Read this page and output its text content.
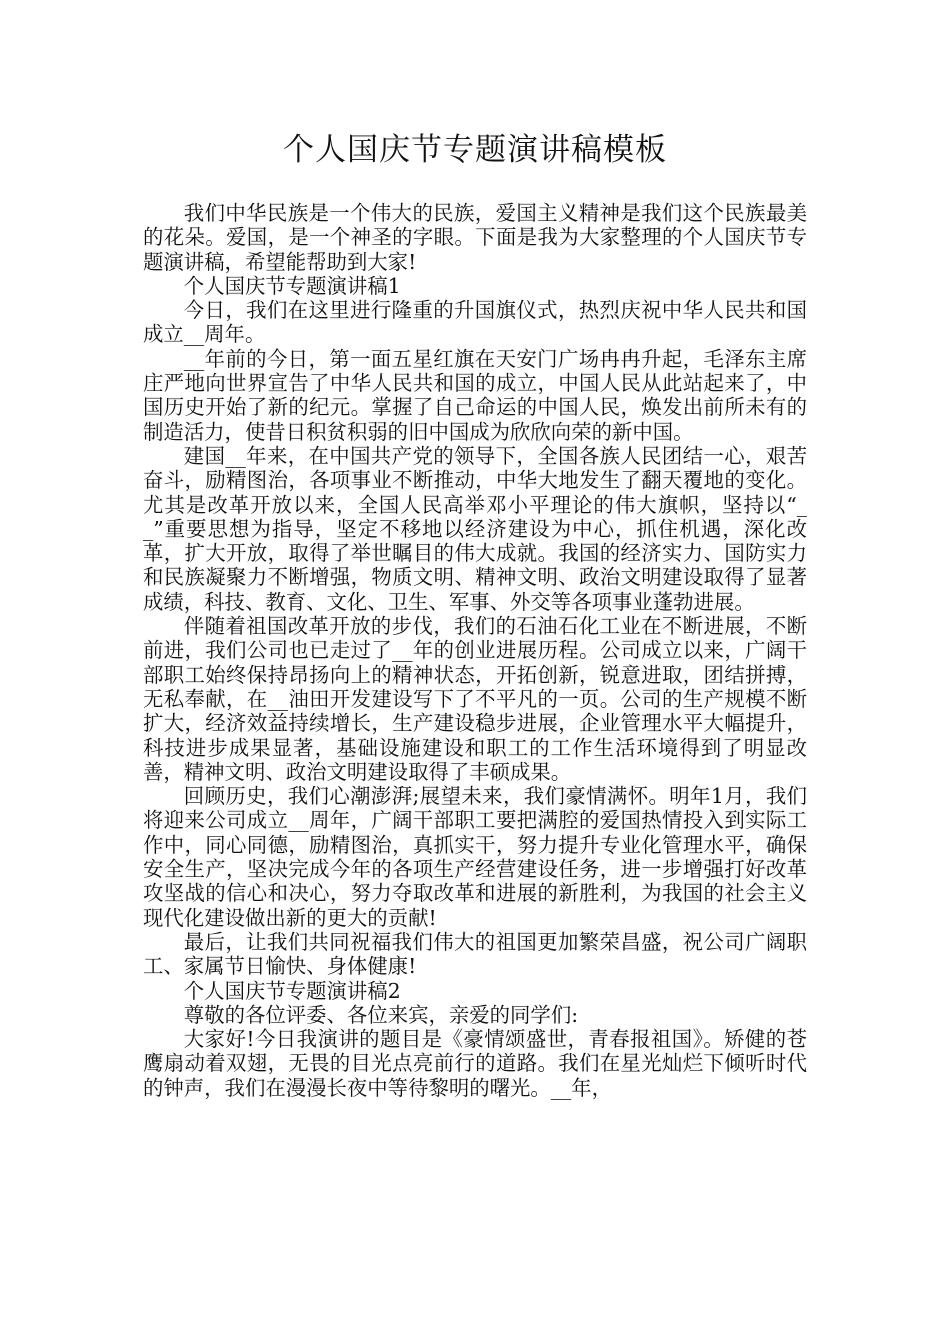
个人国庆节专题演讲稿模板

我们中华民族是一个伟大的民族，爱国主义精神是我们这个民族最美的花朵。爱国，是一个神圣的字眼。下面是我为大家整理的个人国庆节专题演讲稿，希望能帮助到大家!

个人国庆节专题演讲稿1

今日，我们在这里进行隆重的升国旗仪式，热烈庆祝中华人民共和国成立__周年。

__年前的今日，第一面五星红旗在天安门广场冉冉升起，毛泽东主席庄严地向世界宣告了中华人民共和国的成立，中国人民从此站起来了，中国历史开始了新的纪元。掌握了自己命运的中国人民，焕发出前所未有的制造活力，使昔日积贫积弱的旧中国成为欣欣向荣的新中国。

建国__年来，在中国共产党的领导下，全国各族人民团结一心，艰苦奋斗，励精图治，各项事业不断推动，中华大地发生了翻天覆地的变化。尤其是改革开放以来，全国人民高举邓小平理论的伟大旗帜，坚持以“__”重要思想为指导，坚定不移地以经济建设为中心，抓住机遇，深化改革，扩大开放，取得了举世瞩目的伟大成就。我国的经济实力、国防实力和民族凝聚力不断增强，物质文明、精神文明、政治文明建设取得了显著成绩，科技、教育、文化、卫生、军事、外交等各项事业蓬勃进展。

伴随着祖国改革开放的步伐，我们的石油石化工业在不断进展，不断前进，我们公司也已走过了__年的创业进展历程。公司成立以来，广阔干部职工始终保持昂扬向上的精神状态，开拓创新，锐意进取，团结拼搏，无私奉献，在__油田开发建设写下了不平凡的一页。公司的生产规模不断扩大，经济效益持续增长，生产建设稳步进展，企业管理水平大幅提升，科技进步成果显著，基础设施建设和职工的工作生活环境得到了明显改善，精神文明、政治文明建设取得了丰硕成果。

回顾历史，我们心潮澎湃;展望未来，我们豪情满怀。明年1月，我们将迎来公司成立__周年，广阔干部职工要把满腔的爱国热情投入到实际工作中，同心同德，励精图治，真抓实干，努力提升专业化管理水平，确保安全生产，坚决完成今年的各项生产经营建设任务，进一步增强打好改革攻坚战的信心和决心，努力夺取改革和进展的新胜利，为我国的社会主义现代化建设做出新的更大的贡献!

最后，让我们共同祝福我们伟大的祖国更加繁荣昌盛，祝公司广阔职工、家属节日愉快、身体健康!

个人国庆节专题演讲稿2

尊敬的各位评委、各位来宾，亲爱的同学们:

大家好!今日我演讲的题目是《豪情颂盛世，青春报祖国》。矫健的苍鹰扇动着双翅，无畏的目光点亮前行的道路。我们在星光灿烂下倾听时代的钟声，我们在漫漫长夜中等待黎明的曙光。__年，
